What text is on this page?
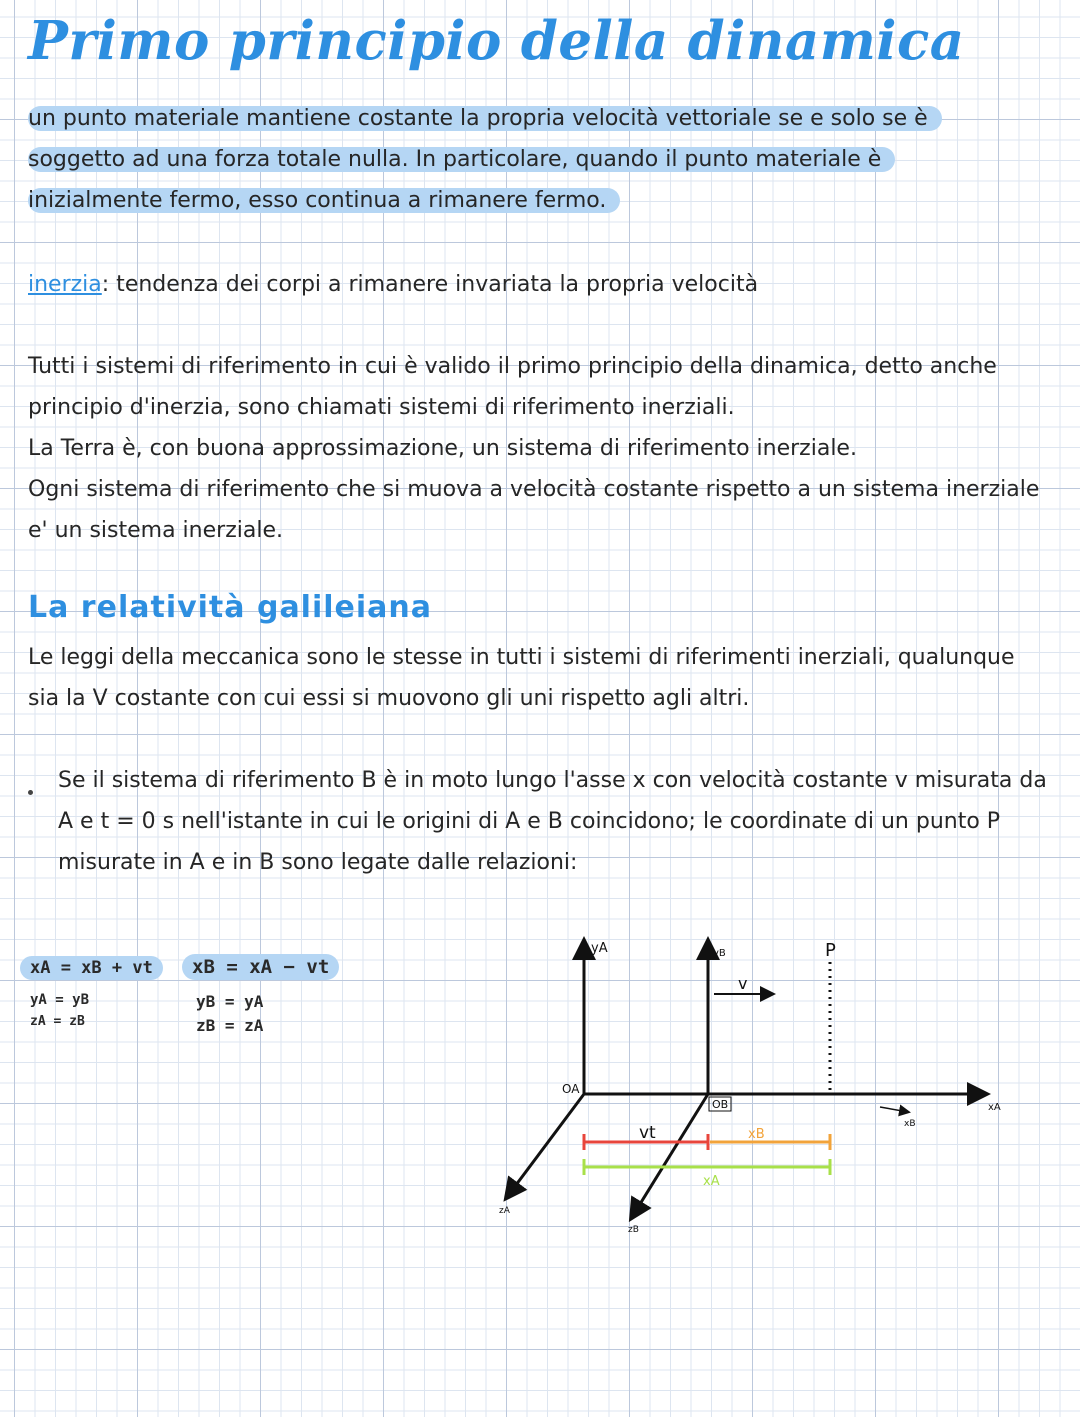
Primo principio della dinamica
un punto materiale mantiene costante la propria velocità vettoriale se e solo se è
soggetto ad una forza totale nulla. In particolare, quando il punto materiale è
inizialmente fermo, esso continua a rimanere fermo.
inerzia: tendenza dei corpi a rimanere invariata la propria velocità
Tutti i sistemi di riferimento in cui è valido il primo principio della dinamica, detto anche
principio d'inerzia, sono chiamati sistemi di riferimento inerziali.
La Terra è, con buona approssimazione, un sistema di riferimento inerziale.
Ogni sistema di riferimento che si muova a velocità costante rispetto a un sistema inerziale
e' un sistema inerziale.
La relatività galileiana
Le leggi della meccanica sono le stesse in tutti i sistemi di riferimenti inerziali, qualunque
sia la V costante con cui essi si muovono gli uni rispetto agli altri.
Se il sistema di riferimento B è in moto lungo l'asse x con velocità costante v misurata da
A e t = 0 s nell'istante in cui le origini di A e B coincidono; le coordinate di un punto P
misurate in A e in B sono legate dalle relazioni:
xA = xB + vt
yA = yB
zA = zB
xB = xA − vt
yB = yA
zB = zA
yA	yB
OA
OB	xA
xB
zA
zB
v
P
vt	xB
xA
